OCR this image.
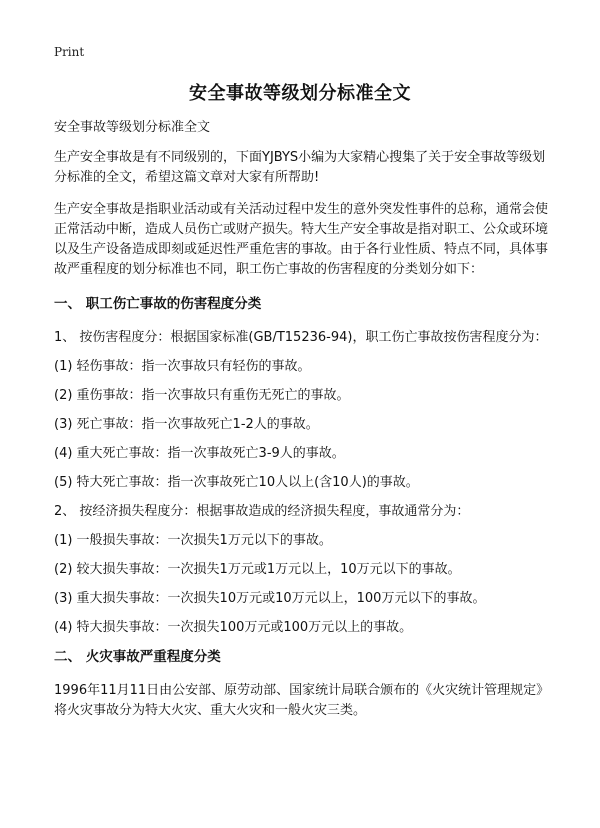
Print
安全事故等级划分标准全文

安全事故等级划分标准全文

生产安全事故是有不同级别的，下面YJBYS小编为大家精心搜集了关于安全事故等级划分标准的全文，希望这篇文章对大家有所帮助!

生产安全事故是指职业活动或有关活动过程中发生的意外突发性事件的总称，通常会使正常活动中断，造成人员伤亡或财产损失。特大生产安全事故是指对职工、公众或环境以及生产设备造成即刻或延迟性严重危害的事故。由于各行业性质、特点不同，具体事故严重程度的划分标准也不同，职工伤亡事故的伤害程度的分类划分如下：

一、 职工伤亡事故的伤害程度分类

1、 按伤害程度分：根据国家标准(GB/T15236-94)，职工伤亡事故按伤害程度分为：

(1) 轻伤事故：指一次事故只有轻伤的事故。

(2) 重伤事故：指一次事故只有重伤无死亡的事故。

(3) 死亡事故：指一次事故死亡1-2人的事故。

(4) 重大死亡事故：指一次事故死亡3-9人的事故。

(5) 特大死亡事故：指一次事故死亡10人以上(含10人)的事故。

2、 按经济损失程度分：根据事故造成的经济损失程度，事故通常分为：

(1) 一般损失事故：一次损失1万元以下的事故。

(2) 较大损失事故：一次损失1万元或1万元以上，10万元以下的事故。

(3) 重大损失事故：一次损失10万元或10万元以上，100万元以下的事故。

(4) 特大损失事故：一次损失100万元或100万元以上的事故。

二、 火灾事故严重程度分类

1996年11月11日由公安部、原劳动部、国家统计局联合颁布的《火灾统计管理规定》将火灾事故分为特大火灾、重大火灾和一般火灾三类。
